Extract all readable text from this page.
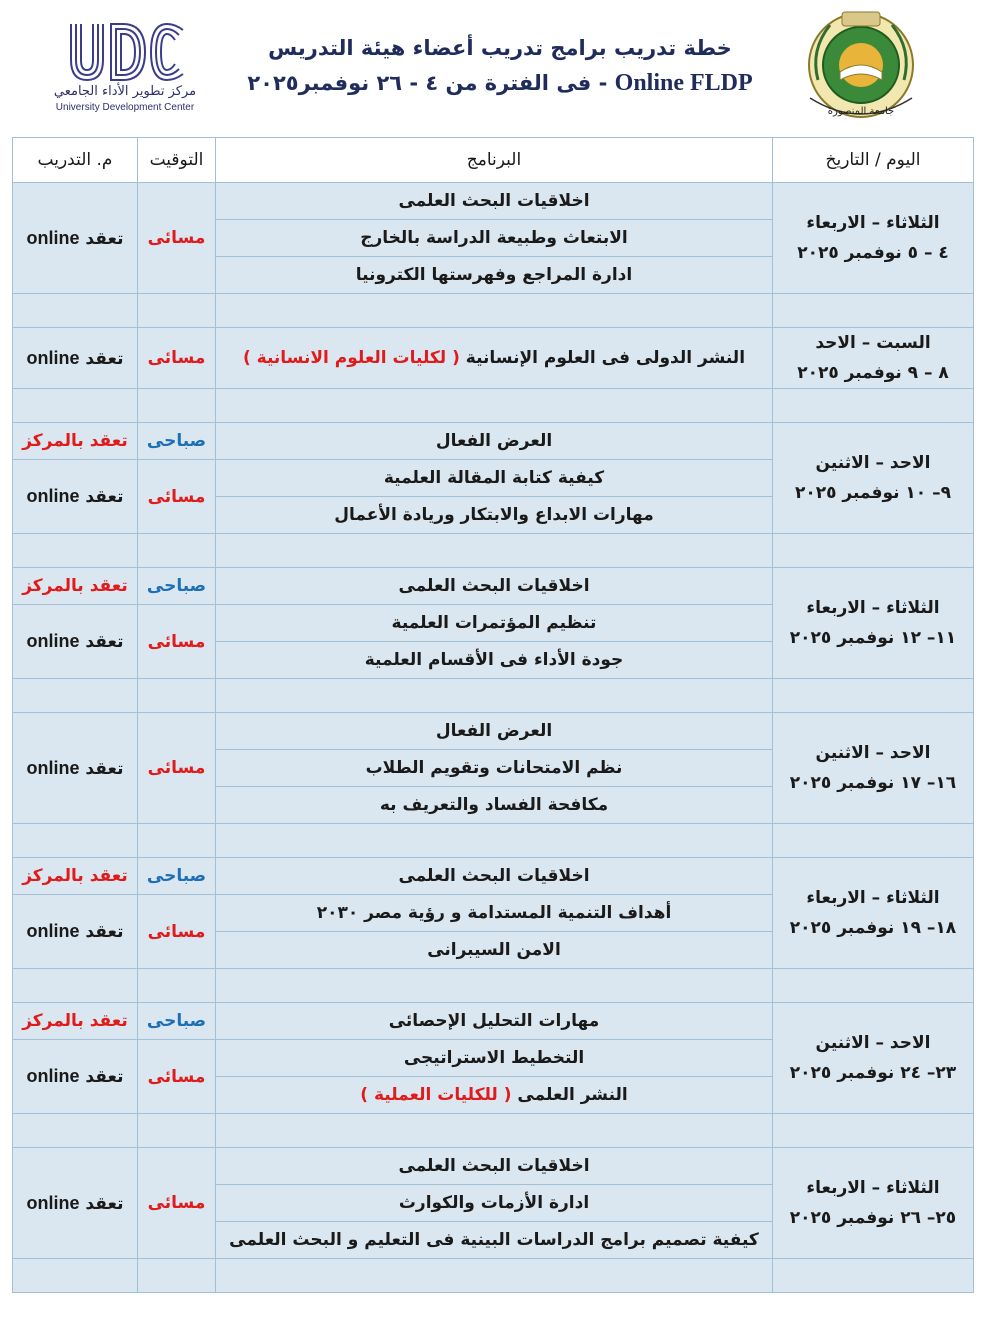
مركز تطوير الأداء الجامعي
University Development Center
خطة تدريب برامج تدريب أعضاء هيئة التدريس
Online FLDP - فى الفترة من ٤ - ٢٦ نوفمبر٢٠٢٥
جامعة المنصورة
م. التدريب	التوقيت	البرنامج	اليوم / التاريخ
تعقد online	مسائى	اخلاقيات البحث العلمى	الثلاثاء – الاربعاء
٤ – ٥ نوفمبر ٢٠٢٥

		الابتعاث وطبيعة الدراسة بالخارج	
		ادارة المراجع وفهرستها الكترونيا	

تعقد online	مسائى	النشر الدولى فى العلوم الإنسانية ( لكليات العلوم الانسانية )	السبت – الاحد
٨ – ٩ نوفمبر ٢٠٢٥

تعقد بالمركز	صباحى	العرض الفعال	الاحد – الاثنين
٩– ١٠ نوفمبر ٢٠٢٥

تعقد online	مسائى	كيفية كتابة المقالة العلمية	
		مهارات الابداع والابتكار وريادة الأعمال	

تعقد بالمركز	صباحى	اخلاقيات البحث العلمى	الثلاثاء – الاربعاء
١١– ١٢ نوفمبر ٢٠٢٥

تعقد online	مسائى	تنظيم المؤتمرات العلمية	
		جودة الأداء فى الأقسام العلمية	

تعقد online	مسائى	العرض الفعال	الاحد – الاثنين
١٦– ١٧ نوفمبر ٢٠٢٥

		نظم الامتحانات وتقويم الطلاب	
		مكافحة الفساد والتعريف به	

تعقد بالمركز	صباحى	اخلاقيات البحث العلمى	الثلاثاء – الاربعاء
١٨– ١٩ نوفمبر ٢٠٢٥

تعقد online	مسائى	أهداف التنمية المستدامة و رؤية مصر ٢٠٣٠	
		الامن السيبرانى	

تعقد بالمركز	صباحى	مهارات التحليل الإحصائى	الاحد – الاثنين
٢٣– ٢٤ نوفمبر ٢٠٢٥

تعقد online	مسائى	التخطيط الاستراتيجى	
		النشر العلمى ( للكليات العملية )	

تعقد online	مسائى	اخلاقيات البحث العلمى	الثلاثاء – الاربعاء
٢٥– ٢٦ نوفمبر ٢٠٢٥

		ادارة الأزمات والكوارث	
		كيفية تصميم برامج الدراسات البينية فى التعليم و البحث العلمى	
